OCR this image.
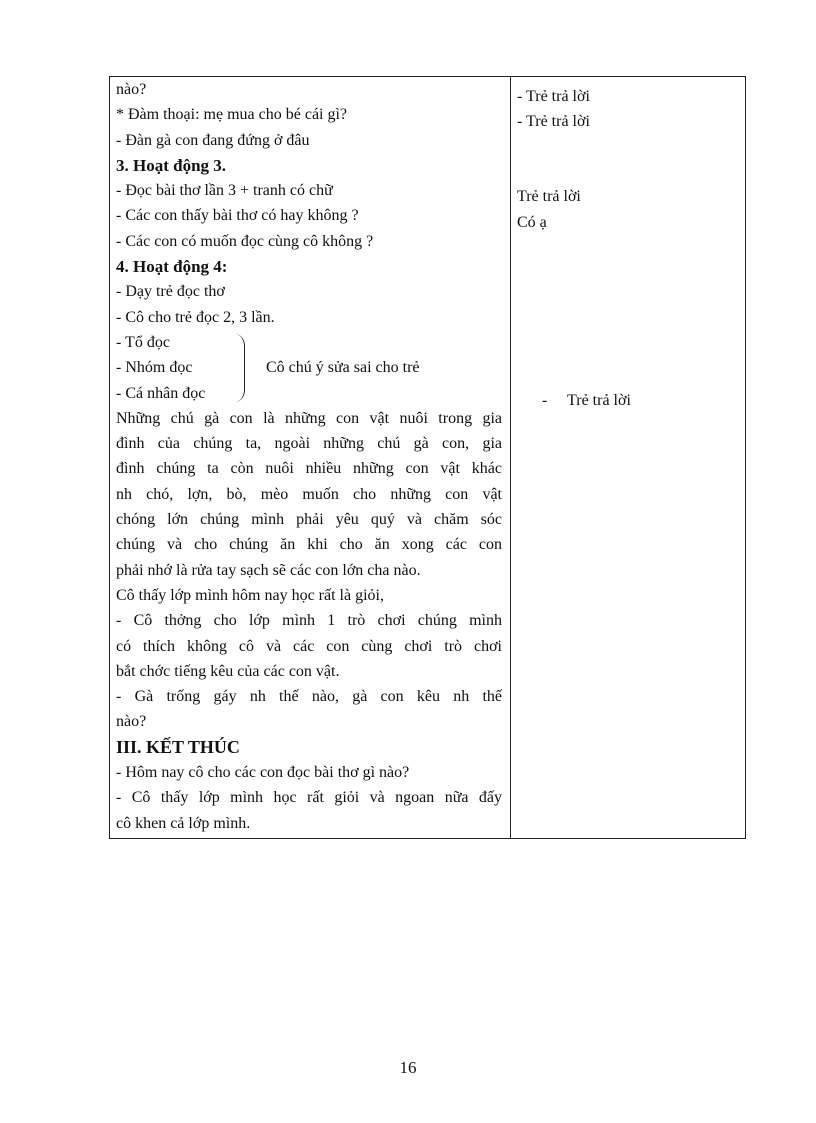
nào?
* Đàm thoại: mẹ mua cho bé cái gì?
- Đàn gà con đang đứng ở đâu
3. Hoạt động 3.
- Đọc bài thơ lần 3 + tranh có chữ
- Các con thấy bài thơ có hay không ?
- Các con có muốn đọc cùng cô không ?
4. Hoạt động 4:
- Dạy trẻ đọc thơ
- Cô cho trẻ đọc 2, 3 lần.
- Tổ đọc
- Nhóm đọc
- Cá nhân đọc
Cô chú ý sửa sai cho trẻ
Những chú gà con là những con vật nuôi trong gia
đình của chúng ta, ngoài những chú gà con, gia
đình chúng ta còn nuôi nhiều những con vật khác
nh chó, lợn, bò, mèo muốn cho những con vật
chóng lớn chúng mình phải yêu quý và chăm sóc
chúng và cho chúng ăn khi cho ăn xong các con
phải nhớ là rửa tay sạch sẽ các con lớn cha nào.
Cô thấy lớp mình hôm nay học rất là giỏi,
- Cô thởng cho lớp mình 1 trò chơi chúng mình
có thích không cô và các con cùng chơi trò chơi
bắt chớc tiếng kêu của các con vật.
- Gà trống gáy nh thế nào, gà con kêu nh thế
nào?
III. KẾT THÚC
- Hôm nay cô cho các con đọc bài thơ gì nào?
- Cô thấy lớp mình học rất giỏi và ngoan nữa đấy
cô khen cả lớp mình.
- Trẻ trả lời
- Trẻ trả lời
Trẻ trả lời
Có ạ
-     Trẻ trả lời
16
